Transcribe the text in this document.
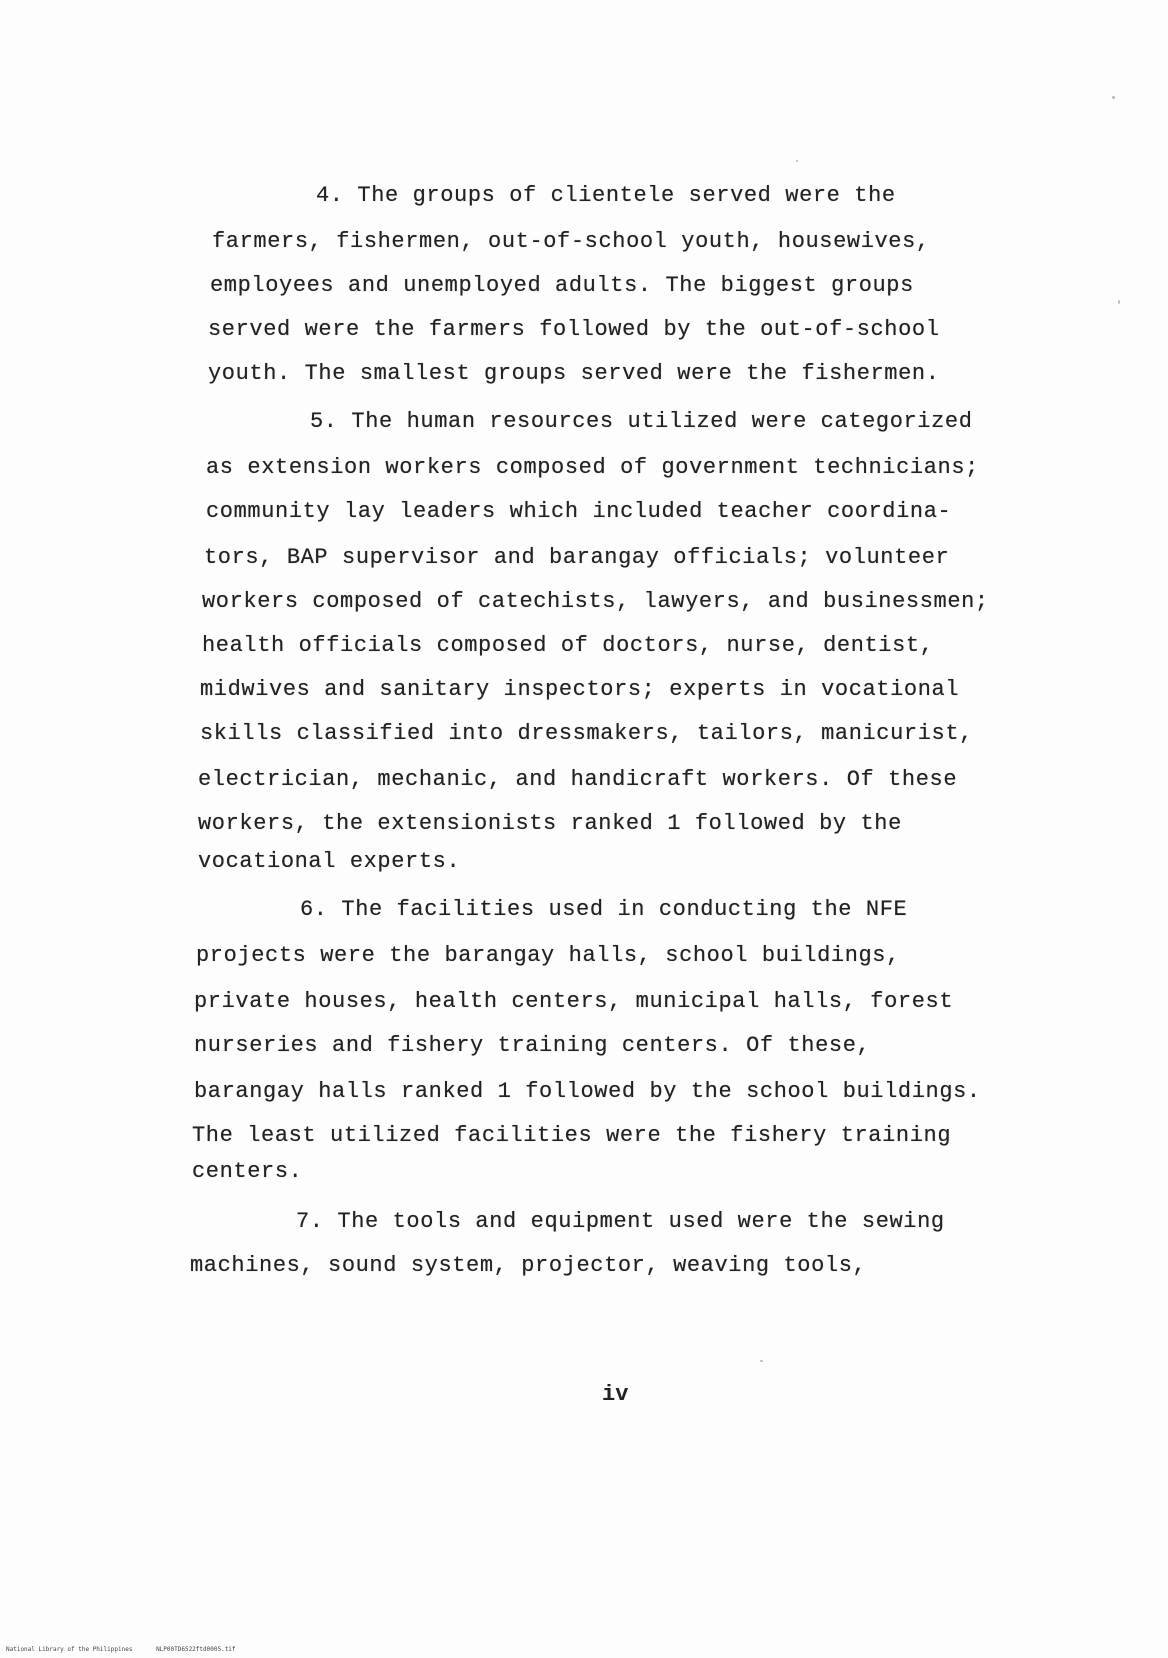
4. The groups of clientele served were the
farmers, fishermen, out-of-school youth, housewives,
employees and unemployed adults. The biggest groups
served were the farmers followed by the out-of-school
youth. The smallest groups served were the fishermen.
5. The human resources utilized were categorized
as extension workers composed of government technicians;
community lay leaders which included teacher coordina-
tors, BAP supervisor and barangay officials; volunteer
workers composed of catechists, lawyers, and businessmen;
health officials composed of doctors, nurse, dentist,
midwives and sanitary inspectors; experts in vocational
skills classified into dressmakers, tailors, manicurist,
electrician, mechanic, and handicraft workers. Of these
workers, the extensionists ranked 1 followed by the
vocational experts.
6. The facilities used in conducting the NFE
projects were the barangay halls, school buildings,
private houses, health centers, municipal halls, forest
nurseries and fishery training centers. Of these,
barangay halls ranked 1 followed by the school buildings.
The least utilized facilities were the fishery training
centers.
7. The tools and equipment used were the sewing
machines, sound system, projector, weaving tools,
iv
National Library of the Philippines	NLP00TD6522ftd0005.tif
